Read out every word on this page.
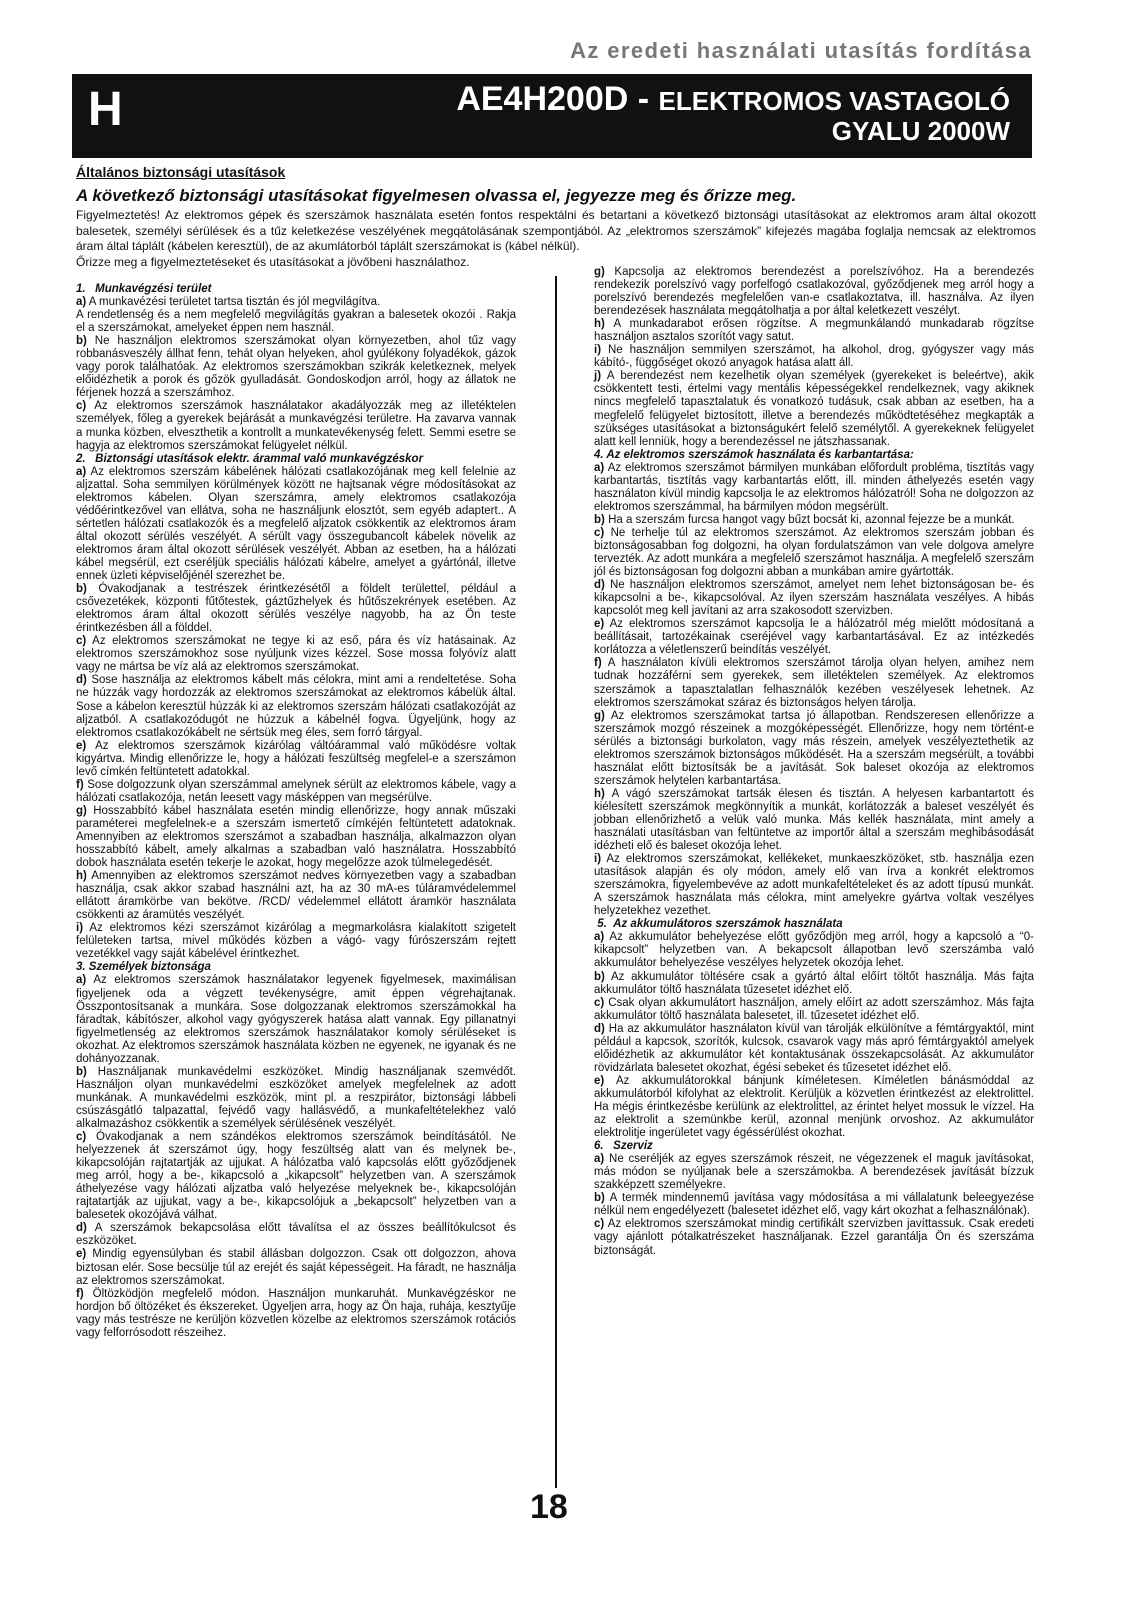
Az eredeti használati utasítás fordítása
H	AE4H200D - ELEKTROMOS VASTAGOLÓ
GYALU 2000W
Általános biztonsági utasítások
A következő biztonsági utasításokat figyelmesen olvassa el, jegyezze meg és őrizze meg.

Figyelmeztetés! Az elektromos gépek és szerszámok használata esetén fontos respektálni és betartani a következő biztonsági utasításokat az elektromos aram által okozott balesetek, személyi sérülések és a tűz keletkezése veszélyének megqátolásának szempontjából. Az „elektromos szerszámok” kifejezés magába foglalja nemcsak az elektromos áram által táplált (kábelen keresztül), de az akumlátorból táplált szerszámokat is (kábel nélkül).

Őrizze meg a figyelmeztetéseket és utasításokat a jövőbeni használathoz.

1.   Munkavégzési terület

a) A munkavézési területet tartsa tisztán és jól megvilágítva.

A rendetlenség és a nem megfelelő megvilágítás gyakran a balesetek okozói . Rakja el a szerszámokat, amelyeket éppen nem használ.

b) Ne használjon elektromos szerszámokat olyan környezetben, ahol tűz vagy robbanásveszély állhat fenn, tehát olyan helyeken, ahol gyúlékony folyadékok, gázok vagy porok találhatóak. Az elektromos szerszámokban szikrák keletkeznek, melyek előidézhetik a porok és gőzök gyulladását. Gondoskodjon arról, hogy az állatok ne férjenek hozzá a szerszámhoz.

c) Az elektromos szerszámok használatakor akadályozzák meg az illetéktelen személyek, főleg a gyerekek bejárását a munkavégzési területre. Ha zavarva vannak a munka közben, elveszthetik a kontrollt a munkatevékenység felett. Semmi esetre se hagyja az elektromos szerszámokat felügyelet nélkül.

2.   Biztonsági utasítások elektr. árammal való munkavégzéskor

a) Az elektromos szerszám kábelének hálózati csatlakozójának meg kell felelnie az aljzattal. Soha semmilyen körülmények között ne hajtsanak végre módosításokat az elektromos kábelen. Olyan szerszámra, amely elektromos csatlakozója védőérintkezővel van ellátva, soha ne használjunk elosztót, sem egyéb adaptert.. A sértetlen hálózati csatlakozók és a megfelelő aljzatok csökkentik az elektromos áram által okozott sérülés veszélyét. A sérült vagy összegubancolt kábelek növelik az elektromos áram által okozott sérülések veszélyét. Abban az esetben, ha a hálózati kábel megsérül, ezt cseréljük speciális hálózati kábelre, amelyet a gyártónál, illetve ennek üzleti képviselőjénél szerezhet be.

b) Óvakodjanak a testrészek érintkezésétől a földelt területtel, például a csővezetékek, központi fűtőtestek, gáztűzhelyek és hűtőszekrények esetében. Az elektromos áram által okozott sérülés veszélye nagyobb, ha az Ön teste érintkezésben áll a földdel.

c) Az elektromos szerszámokat ne tegye ki az eső, pára és víz hatásainak. Az elektromos szerszámokhoz sose nyúljunk vizes kézzel. Sose mossa folyóvíz alatt vagy ne mártsa be víz alá az elektromos szerszámokat.

d) Sose használja az elektromos kábelt más célokra, mint ami a rendeltetése. Soha ne húzzák vagy hordozzák az elektromos szerszámokat az elektromos kábelük által. Sose a kábelon keresztül húzzák ki az elektromos szerszám hálózati csatlakozóját az aljzatból. A csatlakozódugót ne húzzuk a kábelnél fogva. Ügyeljünk, hogy az elektromos csatlakozókábelt ne sértsük meg éles, sem forró tárgyal.

e) Az elektromos szerszámok kizárólag váltóárammal való működésre voltak kigyártva. Mindig ellenőrizze le, hogy a hálózati feszültség megfelel-e a szerszámon levő címkén feltüntetett adatokkal.

f) Sose dolgozzunk olyan szerszámmal amelynek sérült az elektromos kábele, vagy a hálózati csatlakozója, netán leesett vagy másképpen van megsérülve.

g) Hosszabbító kábel használata esetén mindig ellenőrizze, hogy annak műszaki paraméterei megfelelnek-e a szerszám ismertető címkéjén feltüntetett adatoknak. Amennyiben az elektromos szerszámot a szabadban használja, alkalmazzon olyan hosszabbító kábelt, amely alkalmas a szabadban való használatra. Hosszabbító dobok használata esetén tekerje le azokat, hogy megelőzze azok túlmelegedését.

h) Amennyiben az elektromos szerszámot nedves környezetben vagy a szabadban használja, csak akkor szabad használni azt, ha az 30 mA-es túláramvédelemmel ellátott áramkörbe van bekötve. /RCD/ védelemmel ellátott áramkör használata csökkenti az áramütés veszélyét.

i) Az elektromos kézi szerszámot kizárólag a megmarkolásra kialakított szigetelt felületeken tartsa, mivel működés közben a vágó- vagy fúrószerszám rejtett vezetékkel vagy saját kábelével érintkezhet.

3. Személyek biztonsága

a) Az elektromos szerszámok használatakor legyenek figyelmesek, maximálisan figyeljenek oda a végzett tevékenységre, amit éppen végrehajtanak. Összpontosítsanak a munkára. Sose dolgozzanak elektromos szerszámokkal ha fáradtak, kábítószer, alkohol vagy gyógyszerek hatása alatt vannak. Egy pillanatnyi figyelmetlenség az elektromos szerszámok használatakor komoly sérüléseket is okozhat. Az elektromos szerszámok használata közben ne egyenek, ne igyanak és ne dohányozzanak.

b) Használjanak munkavédelmi eszközöket. Mindig használjanak szemvédőt. Használjon olyan munkavédelmi eszközöket amelyek megfelelnek az adott munkának. A munkavédelmi eszközök, mint pl. a reszpirátor, biztonsági lábbeli csúszásgátló talpazattal, fejvédő vagy hallásvédő, a munkafeltételekhez való alkalmazáshoz csökkentik a személyek sérülésének veszélyét.

c) Óvakodjanak a nem szándékos elektromos szerszámok beindításától. Ne helyezzenek át szerszámot úgy, hogy feszültség alatt van és melynek be-, kikapcsolóján rajtatartják az ujjukat. A hálózatba való kapcsolás előtt győződjenek meg arról, hogy a be-, kikapcsoló a „kikapcsolt” helyzetben van. A szerszámok áthelyezése vagy hálózati aljzatba való helyezése melyeknek be-, kikapcsolóján rajtatartják az ujjukat, vagy a be-, kikapcsolójuk a „bekapcsolt” helyzetben van a balesetek okozójává válhat.

d) A szerszámok bekapcsolása előtt távalítsa el az összes beállítókulcsot és eszközöket.

e) Mindig egyensúlyban és stabil állásban dolgozzon. Csak ott dolgozzon, ahova biztosan elér. Sose becsülje túl az erejét és saját képességeit. Ha fáradt, ne használja az elektromos szerszámokat.

f) Öltözködjön megfelelő módon. Használjon munkaruhát. Munkavégzéskor ne hordjon bő öltözéket és ékszereket. Ügyeljen arra, hogy az Ön haja, ruhája, kesztyűje vagy más testrésze ne kerüljön közvetlen közelbe az elektromos szerszámok rotációs vagy felforrósodott részeihez.

g) Kapcsolja az elektromos berendezést a porelszívóhoz. Ha a berendezés rendekezik porelszívó vagy porfelfogó csatlakozóval, győződjenek meg arról hogy a porelszívó berendezés megfelelően van-e csatlakoztatva, ill. használva. Az ilyen berendezések használata megqátolhatja a por által keletkezett veszélyt.

h) A munkadarabot erősen rögzítse. A megmunkálandó munkadarab rögzítse használjon asztalos szorítót vagy satut.

i) Ne használjon semmilyen szerszámot, ha alkohol, drog, gyógyszer vagy más kábító-, függőséget okozó anyagok hatása alatt áll.

j) A berendezést nem kezelhetik olyan személyek (gyerekeket is beleértve), akik csökkentett testi, értelmi vagy mentális képességekkel rendelkeznek, vagy akiknek nincs megfelelő tapasztalatuk és vonatkozó tudásuk, csak abban az esetben, ha a megfelelő felügyelet biztosított, illetve a berendezés működtetéséhez megkapták a szükséges utasításokat a biztonságukért felelő személytől. A gyerekeknek felügyelet alatt kell lenniük, hogy a berendezéssel ne játszhassanak.

4. Az elektromos szerszámok használata és karbantartása:

a) Az elektromos szerszámot bármilyen munkában előfordult probléma, tisztítás vagy karbantartás, tisztítás vagy karbantartás előtt, ill. minden áthelyezés esetén vagy használaton kívül mindig kapcsolja le az elektromos hálózatról! Soha ne dolgozzon az elektromos szerszámmal, ha bármilyen módon megsérült.

b) Ha a szerszám furcsa hangot vagy bűzt bocsát ki, azonnal fejezze be a munkát.

c) Ne terhelje túl az elektromos szerszámot. Az elektromos szerszám jobban és biztonságosabban fog dolgozni, ha olyan fordulatszámon van vele dolgova amelyre tervezték. Az adott munkára a megfelelő szerszámot használja. A megfelelő szerszám jól és biztonságosan fog dolgozni abban a munkában amire gyártották.

d) Ne használjon elektromos szerszámot, amelyet nem lehet biztonságosan be- és kikapcsolni a be-, kikapcsolóval. Az ilyen szerszám használata veszélyes. A hibás kapcsolót meg kell javítani az arra szakosodott szervizben.

e) Az elektromos szerszámot kapcsolja le a hálózatról még mielőtt módosítaná a beállításait, tartozékainak cseréjével vagy karbantartásával. Ez az intézkedés korlátozza a véletlenszerű beindítás veszélyét.

f) A használaton kívüli elektromos szerszámot tárolja olyan helyen, amihez nem tudnak hozzáférni sem gyerekek, sem illetéktelen személyek. Az elektromos szerszámok a tapasztalatlan felhasználók kezében veszélyesek lehetnek. Az elektromos szerszámokat száraz és biztonságos helyen tárolja.

g) Az elektromos szerszámokat tartsa jó állapotban. Rendszeresen ellenőrizze a szerszámok mozgó részeinek a mozgóképességét. Ellenőrizze, hogy nem történt-e sérülés a biztonsági burkolaton, vagy más részein, amelyek veszélyeztethetik az elektromos szerszámok biztonságos működését. Ha a szerszám megsérült, a további használat előtt biztosítsák be a javítását. Sok baleset okozója az elektromos szerszámok helytelen karbantartása.

h) A vágó szerszámokat tartsák élesen és tisztán. A helyesen karbantartott és kiélesített szerszámok megkönnyítik a munkát, korlátozzák a baleset veszélyét és jobban ellenőrizhető a velük való munka. Más kellék használata, mint amely a használati utasításban van feltüntetve az importőr által a szerszám meghibásodását idézheti elő és baleset okozója lehet.

i) Az elektromos szerszámokat, kellékeket, munkaeszközöket, stb. használja ezen utasítások alapján és oly módon, amely elő van írva a konkrét elektromos szerszámokra, figyelembevéve az adott munkafeltételeket és az adott típusú munkát. A szerszámok használata más célokra, mint amelyekre gyártva voltak veszélyes helyzetekhez vezethet.

5.  Az akkumulátoros szerszámok használata

a) Az akkumulátor behelyezése előtt győződjön meg arról, hogy a kapcsoló a “0-kikapcsolt” helyzetben van. A bekapcsolt állapotban levő szerszámba való akkumulátor behelyezése veszélyes helyzetek okozója lehet.

b) Az akkumulátor töltésére csak a gyártó által előírt töltőt használja. Más fajta akkumulátor töltő használata tűzesetet idézhet elő.

c) Csak olyan akkumulátort használjon, amely előírt az adott szerszámhoz. Más fajta akkumulátor töltő használata balesetet, ill. tűzesetet idézhet elő.

d) Ha az akkumulátor használaton kívül van tárolják elkülönítve a fémtárgyaktól, mint például a kapcsok, szorítók, kulcsok, csavarok vagy más apró fémtárgyaktól amelyek előidézhetik az akkumulátor két kontaktusának összekapcsolását. Az akkumulátor rövidzárlata balesetet okozhat, égési sebeket és tűzesetet idézhet elő.

e) Az akkumulátorokkal bánjunk kíméletesen. Kíméletlen bánásmóddal az akkumulátorból kifolyhat az elektrolit. Kerüljük a közvetlen érintkezést az elektrolittel. Ha mégis érintkezésbe kerülünk az elektrolittel, az érintet helyet mossuk le vízzel. Ha az elektrolit a szemünkbe kerül, azonnal menjünk orvoshoz. Az akkumulátor elektrolitje ingerületet vagy égéssérülést okozhat.

6.   Szerviz

a) Ne cseréljék az egyes szerszámok részeit, ne végezzenek el maguk javításokat, más módon se nyúljanak bele a szerszámokba. A berendezések javítását bízzuk szakképzett személyekre.

b) A termék mindennemű javítása vagy módosítása a mi vállalatunk beleegyezése nélkül nem engedélyezett (balesetet idézhet elő, vagy kárt okozhat a felhasználónak).

c) Az elektromos szerszámokat mindig certifikált szervizben javíttassuk. Csak eredeti vagy ajánlott pótalkatrészeket használjanak. Ezzel garantálja Ön és szerszáma biztonságát.

18
